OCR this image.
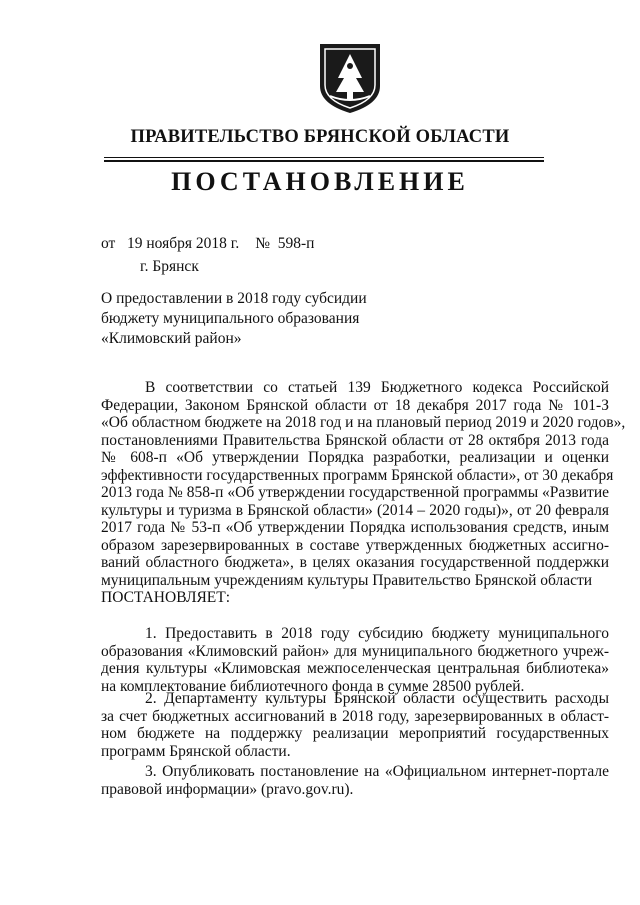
ПРАВИТЕЛЬСТВО БРЯНСКОЙ ОБЛАСТИ
ПОСТАНОВЛЕНИЕ
от   19 ноября 2018 г. №  598-п
г. Брянск
О предоставлении в 2018 году субсидии
бюджету муниципального образования
«Климовский район»
В соответствии со статьей 139 Бюджетного кодекса Российской
Федерации, Законом Брянской области от 18 декабря 2017 года № 101-З
«Об областном бюджете на 2018 год и на плановый период 2019 и 2020 годов»,
постановлениями Правительства Брянской области от 28 октября 2013 года
№ 608-п «Об утверждении Порядка разработки, реализации и оценки
эффективности государственных программ Брянской области», от 30 декабря
2013 года № 858-п «Об утверждении государственной программы «Развитие
культуры и туризма в Брянской области» (2014 – 2020 годы)», от 20 февраля
2017 года № 53-п «Об утверждении Порядка использования средств, иным
образом зарезервированных в составе утвержденных бюджетных ассигно-
ваний областного бюджета», в целях оказания государственной поддержки
муниципальным учреждениям культуры Правительство Брянской области
ПОСТАНОВЛЯЕТ:
1. Предоставить в 2018 году субсидию бюджету муниципального
образования «Климовский район» для муниципального бюджетного учреж-
дения культуры «Климовская межпоселенческая центральная библиотека»
на комплектование библиотечного фонда в сумме 28500 рублей.
2. Департаменту культуры Брянской области осуществить расходы
за счет бюджетных ассигнований в 2018 году, зарезервированных в област-
ном бюджете на поддержку реализации мероприятий государственных
программ Брянской области.
3. Опубликовать постановление на «Официальном интернет-портале
правовой информации» (pravo.gov.ru).
